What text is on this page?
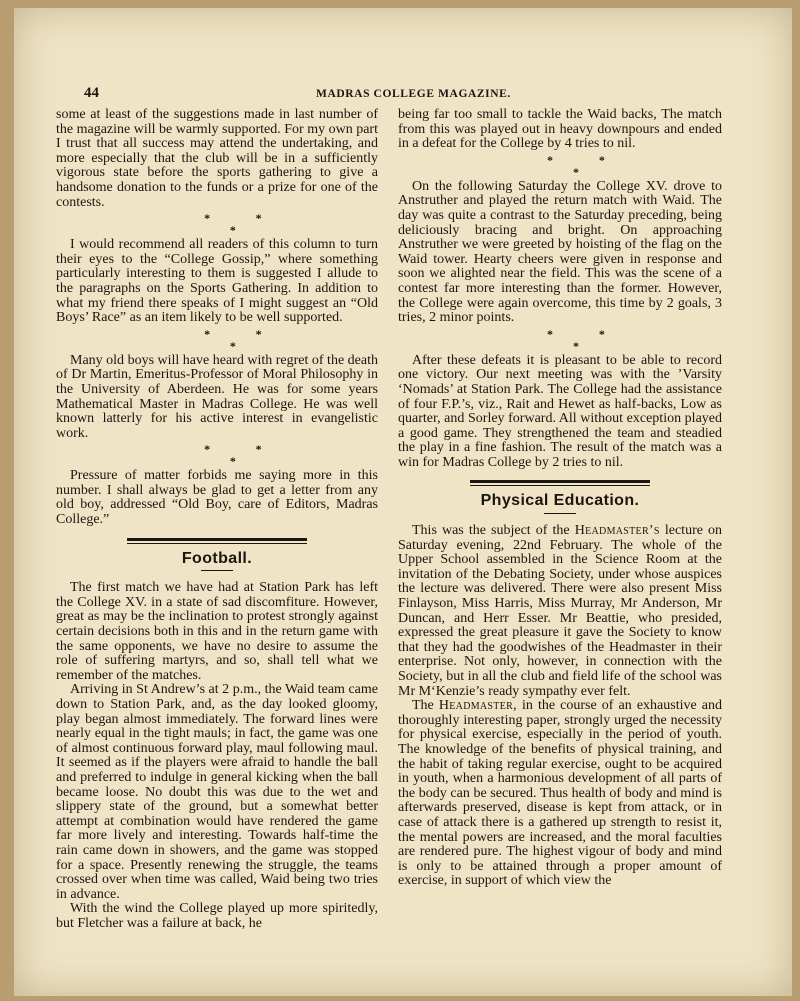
44	MADRAS COLLEGE MAGAZINE.

some at least of the suggestions made in last number of the magazine will be warmly supported. For my own part I trust that all success may attend the undertaking, and more especially that the club will be in a sufficiently vigorous state before the sports gathering to give a handsome donation to the funds or a prize for one of the contests.

*
*
*

I would recommend all readers of this column to turn their eyes to the “College Gossip,” where something particularly interesting to them is suggested I allude to the paragraphs on the Sports Gathering. In addition to what my friend there speaks of I might suggest an “Old Boys’ Race” as an item likely to be well supported.

*
*
*

Many old boys will have heard with regret of the death of Dr Martin, Emeritus-Professor of Moral Philosophy in the University of Aberdeen. He was for some years Mathematical Master in Madras College. He was well known latterly for his active interest in evangelistic work.

*
*
*

Pressure of matter forbids me saying more in this number. I shall always be glad to get a letter from any old boy, addressed “Old Boy, care of Editors, Madras College.”

Football.

The first match we have had at Station Park has left the College XV. in a state of sad discomfiture. However, great as may be the inclination to protest strongly against certain decisions both in this and in the return game with the same opponents, we have no desire to assume the role of suffering martyrs, and so, shall tell what we remember of the matches.

Arriving in St Andrew’s at 2 p.m., the Waid team came down to Station Park, and, as the day looked gloomy, play began almost immediately. The forward lines were nearly equal in the tight mauls; in fact, the game was one of almost continuous forward play, maul following maul. It seemed as if the players were afraid to handle the ball and preferred to indulge in general kicking when the ball became loose. No doubt this was due to the wet and slippery state of the ground, but a somewhat better attempt at combination would have rendered the game far more lively and interesting. Towards half-time the rain came down in showers, and the game was stopped for a space. Presently renewing the struggle, the teams crossed over when time was called, Waid being two tries in advance.

With the wind the College played up more spiritedly, but Fletcher was a failure at back, he

being far too small to tackle the Waid backs, The match from this was played out in heavy downpours and ended in a defeat for the College by 4 tries to nil.

*
*
*

On the following Saturday the College XV. drove to Anstruther and played the return match with Waid. The day was quite a contrast to the Saturday preceding, being deliciously bracing and bright. On approaching Anstruther we were greeted by hoisting of the flag on the Waid tower. Hearty cheers were given in response and soon we alighted near the field. This was the scene of a contest far more interesting than the former. However, the College were again overcome, this time by 2 goals, 3 tries, 2 minor points.

*
*
*

After these defeats it is pleasant to be able to record one victory. Our next meeting was with the ’Varsity ‘Nomads’ at Station Park. The College had the assistance of four F.P.’s, viz., Rait and Hewet as half-backs, Low as quarter, and Sorley forward. All without exception played a good game. They strengthened the team and steadied the play in a fine fashion. The result of the match was a win for Madras College by 2 tries to nil.

Physical Education.

This was the subject of the Headmaster’s lecture on Saturday evening, 22nd February. The whole of the Upper School assembled in the Science Room at the invitation of the Debating Society, under whose auspices the lecture was delivered. There were also present Miss Finlayson, Miss Harris, Miss Murray, Mr Anderson, Mr Duncan, and Herr Esser. Mr Beattie, who presided, expressed the great pleasure it gave the Society to know that they had the goodwishes of the Headmaster in their enterprise. Not only, however, in connection with the Society, but in all the club and field life of the school was Mr M‘Kenzie’s ready sympathy ever felt.

The Headmaster, in the course of an exhaustive and thoroughly interesting paper, strongly urged the necessity for physical exercise, especially in the period of youth. The knowledge of the benefits of physical training, and the habit of taking regular exercise, ought to be acquired in youth, when a harmonious development of all parts of the body can be secured. Thus health of body and mind is afterwards preserved, disease is kept from attack, or in case of attack there is a gathered up strength to resist it, the mental powers are increased, and the moral faculties are rendered pure. The highest vigour of body and mind is only to be attained through a proper amount of exercise, in support of which view the
